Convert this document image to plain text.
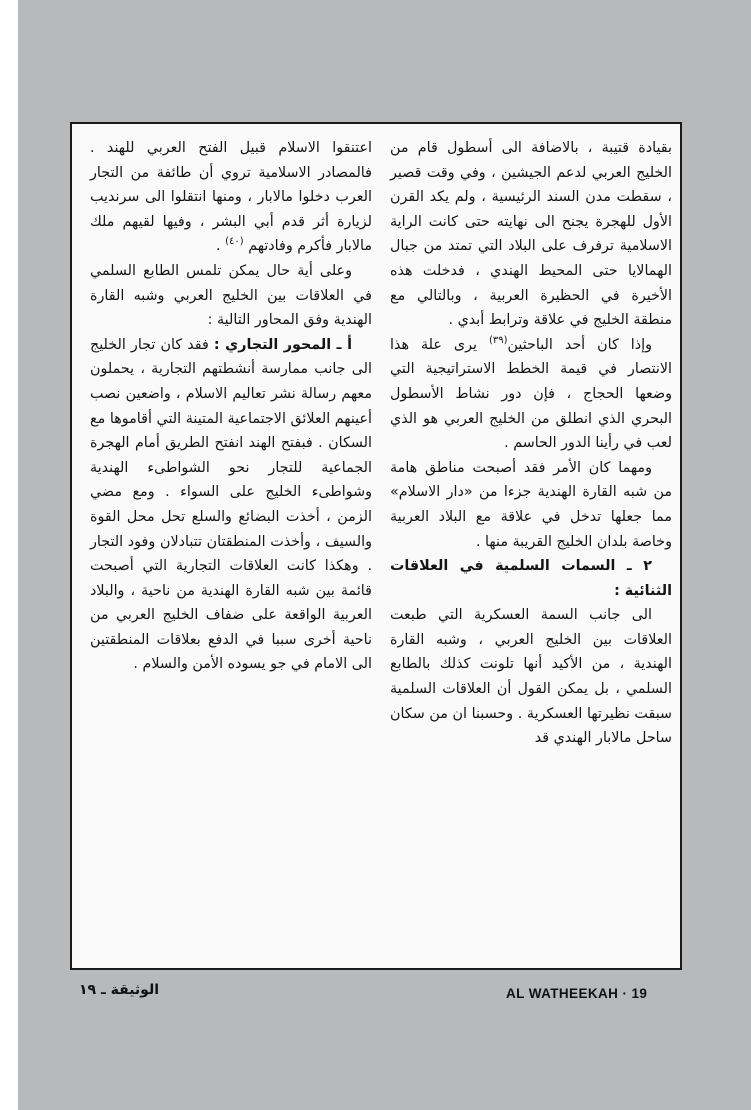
بقيادة قتيبة ، بالاضافة الى أسطول قام من الخليج العربي لدعم الجيشين ، وفي وقت قصير ، سقطت مدن السند الرئيسية ، ولم يكد القرن الأول للهجرة يجنح الى نهايته حتى كانت الراية الاسلامية ترفرف على البلاد التي تمتد من جبال الهمالايا حتى المحيط الهندي ، فدخلت هذه الأخيرة في الحظيرة العربية ، وبالتالي مع منطقة الخليج في علاقة وترابط أبدي .

وإذا كان أحد الباحثين$^{(٣٩)}$ يرى علة هذا الانتصار في قيمة الخطط الاستراتيجية التي وضعها الحجاج ، فإن دور نشاط الأسطول البحري الذي انطلق من الخليج العربي هو الذي لعب في رأينا الدور الحاسم .

ومهما كان الأمر فقد أصبحت مناطق هامة من شبه القارة الهندية جزءا من «دار الاسلام» مما جعلها تدخل في علاقة مع البلاد العربية وخاصة بلدان الخليج القريبة منها .

٢ ـ السمات السلمية في العلاقات الثنائية :

الى جانب السمة العسكرية التي طبعت العلاقات بين الخليج العربي ، وشبه القارة الهندية ، من الأكيد أنها تلونت كذلك بالطابع السلمي ، بل يمكن القول أن العلاقات السلمية سبقت نظيرتها العسكرية . وحسبنا ان من سكان ساحل مالابار الهندي قد

اعتنقوا الاسلام قبيل الفتح العربي للهند . فالمصادر الاسلامية تروي أن طائفة من التجار العرب دخلوا مالابار ، ومنها انتقلوا الى سرنديب لزيارة أثر قدم أبي البشر ، وفيها لقيهم ملك مالابار فأكرم وفادتهم $^{(٤٠)}$ .

وعلى أية حال يمكن تلمس الطابع السلمي في العلاقات بين الخليج العربي وشبه القارة الهندية وفق المحاور التالية :

أ ـ المحور التجاري : فقد كان تجار الخليج الى جانب ممارسة أنشطتهم التجارية ، يحملون معهم رسالة نشر تعاليم الاسلام ، واضعين نصب أعينهم العلائق الاجتماعية المتينة التي أقاموها مع السكان . فبفتح الهند انفتح الطريق أمام الهجرة الجماعية للتجار نحو الشواطىء الهندية وشواطىء الخليج على السواء . ومع مضي الزمن ، أخذت البضائع والسلع تحل محل القوة والسيف ، وأخذت المنطقتان تتبادلان وفود التجار . وهكذا كانت العلاقات التجارية التي أصبحت قائمة بين شبه القارة الهندية من ناحية ، والبلاد العربية الواقعة على ضفاف الخليج العربي من ناحية أخرى سببا في الدفع بعلاقات المنطقتين الى الامام في جو يسوده الأمن والسلام .

الوثيقة ـ ١٩	AL WATHEEKAH · 19
